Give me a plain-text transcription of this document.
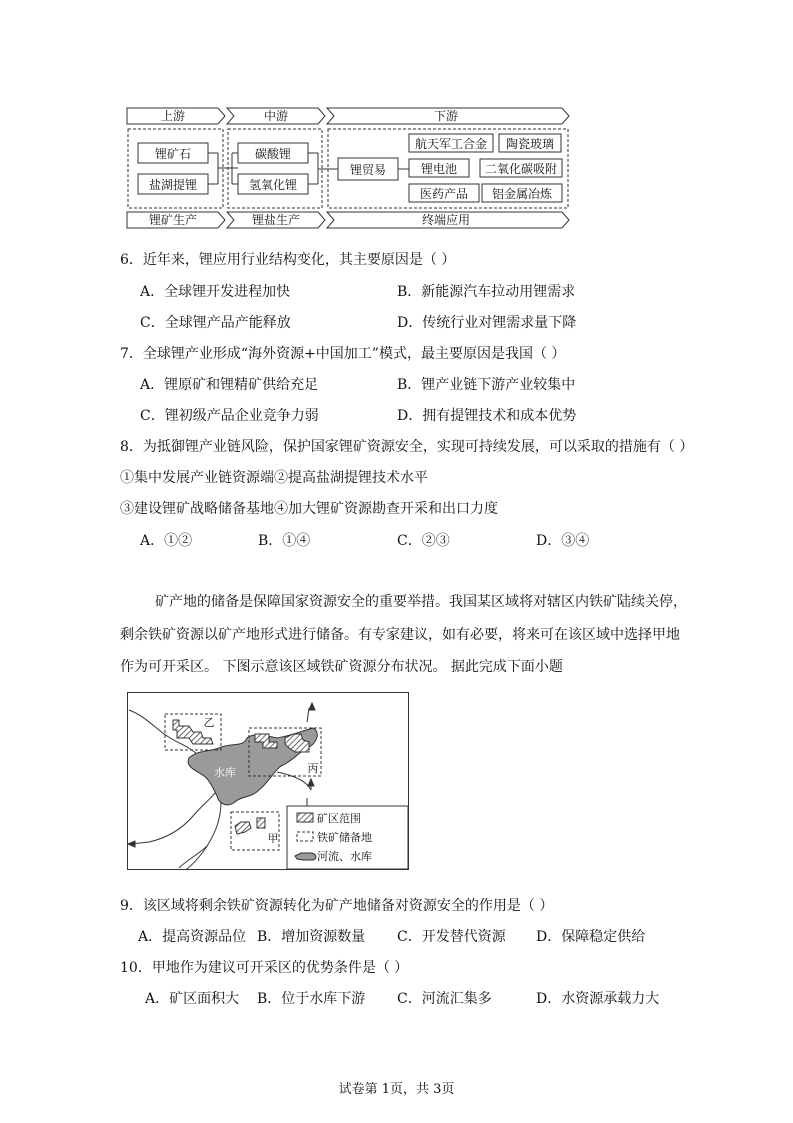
上游	中游	下游
锂矿生产	锂盐生产	终端应用
锂矿石
盐湖提锂
碳酸锂
氢氧化锂
锂贸易
航天军工合金 陶瓷玻璃
锂电池 二氧化碳吸附
医药产品 铝金属冶炼
6．近年来，锂应用行业结构变化，其主要原因是（ ）
A．全球锂开发进程加快	B．新能源汽车拉动用锂需求
C．全球锂产品产能释放	D．传统行业对锂需求量下降
7．全球锂产业形成“海外资源+中国加工”模式，最主要原因是我国（ ）
A．锂原矿和锂精矿供给充足	B．锂产业链下游产业较集中
C．锂初级产品企业竞争力弱	D．拥有提锂技术和成本优势
8．为抵御锂产业链风险，保护国家锂矿资源安全，实现可持续发展，可以采取的措施有（ ）
①集中发展产业链资源端②提高盐湖提锂技术水平
③建设锂矿战略储备基地④加大锂矿资源勘查开采和出口力度
A．①②	B．①④	C．②③	D．③④
矿产地的储备是保障国家资源安全的重要举措。我国某区域将对辖区内铁矿陆续关停，
剩余铁矿资源以矿产地形式进行储备。有专家建议，如有必要，将来可在该区域中选择甲地
作为可开采区。 下图示意该区域铁矿资源分布状况。 据此完成下面小题
乙
水库	丙
甲
矿区范围
铁矿储备地
河流、水库
9．该区域将剩余铁矿资源转化为矿产地储备对资源安全的作用是（ ）
A．提高资源品位 B．增加资源数量 C．开发替代资源 D．保障稳定供给
10．甲地作为建议可开采区的优势条件是（ ）
A．矿区面积大 B．位于水库下游 C．河流汇集多	D．水资源承载力大
试卷第 1页，共 3页
